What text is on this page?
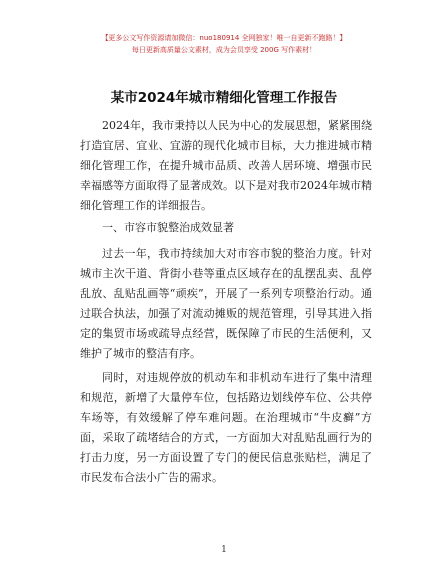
【更多公文写作资源请加微信：nuo180914 全网独家！唯一自更新不跑路！】
每日更新高质量公文素材，成为会员享受 200G 写作素材！
某市2024年城市精细化管理工作报告

2024年，我市秉持以人民为中心的发展思想，紧紧围绕打造宜居、宜业、宜游的现代化城市目标，大力推进城市精细化管理工作，在提升城市品质、改善人居环境、增强市民幸福感等方面取得了显著成效。以下是对我市2024年城市精细化管理工作的详细报告。

一、市容市貌整治成效显著

过去一年，我市持续加大对市容市貌的整治力度。针对城市主次干道、背街小巷等重点区域存在的乱摆乱卖、乱停乱放、乱贴乱画等“顽疾”，开展了一系列专项整治行动。通过联合执法，加强了对流动摊贩的规范管理，引导其进入指定的集贸市场或疏导点经营，既保障了市民的生活便利，又维护了城市的整洁有序。

同时，对违规停放的机动车和非机动车进行了集中清理和规范，新增了大量停车位，包括路边划线停车位、公共停车场等，有效缓解了停车难问题。在治理城市“牛皮癣”方面，采取了疏堵结合的方式，一方面加大对乱贴乱画行为的打击力度，另一方面设置了专门的便民信息张贴栏，满足了市民发布合法小广告的需求。

1
